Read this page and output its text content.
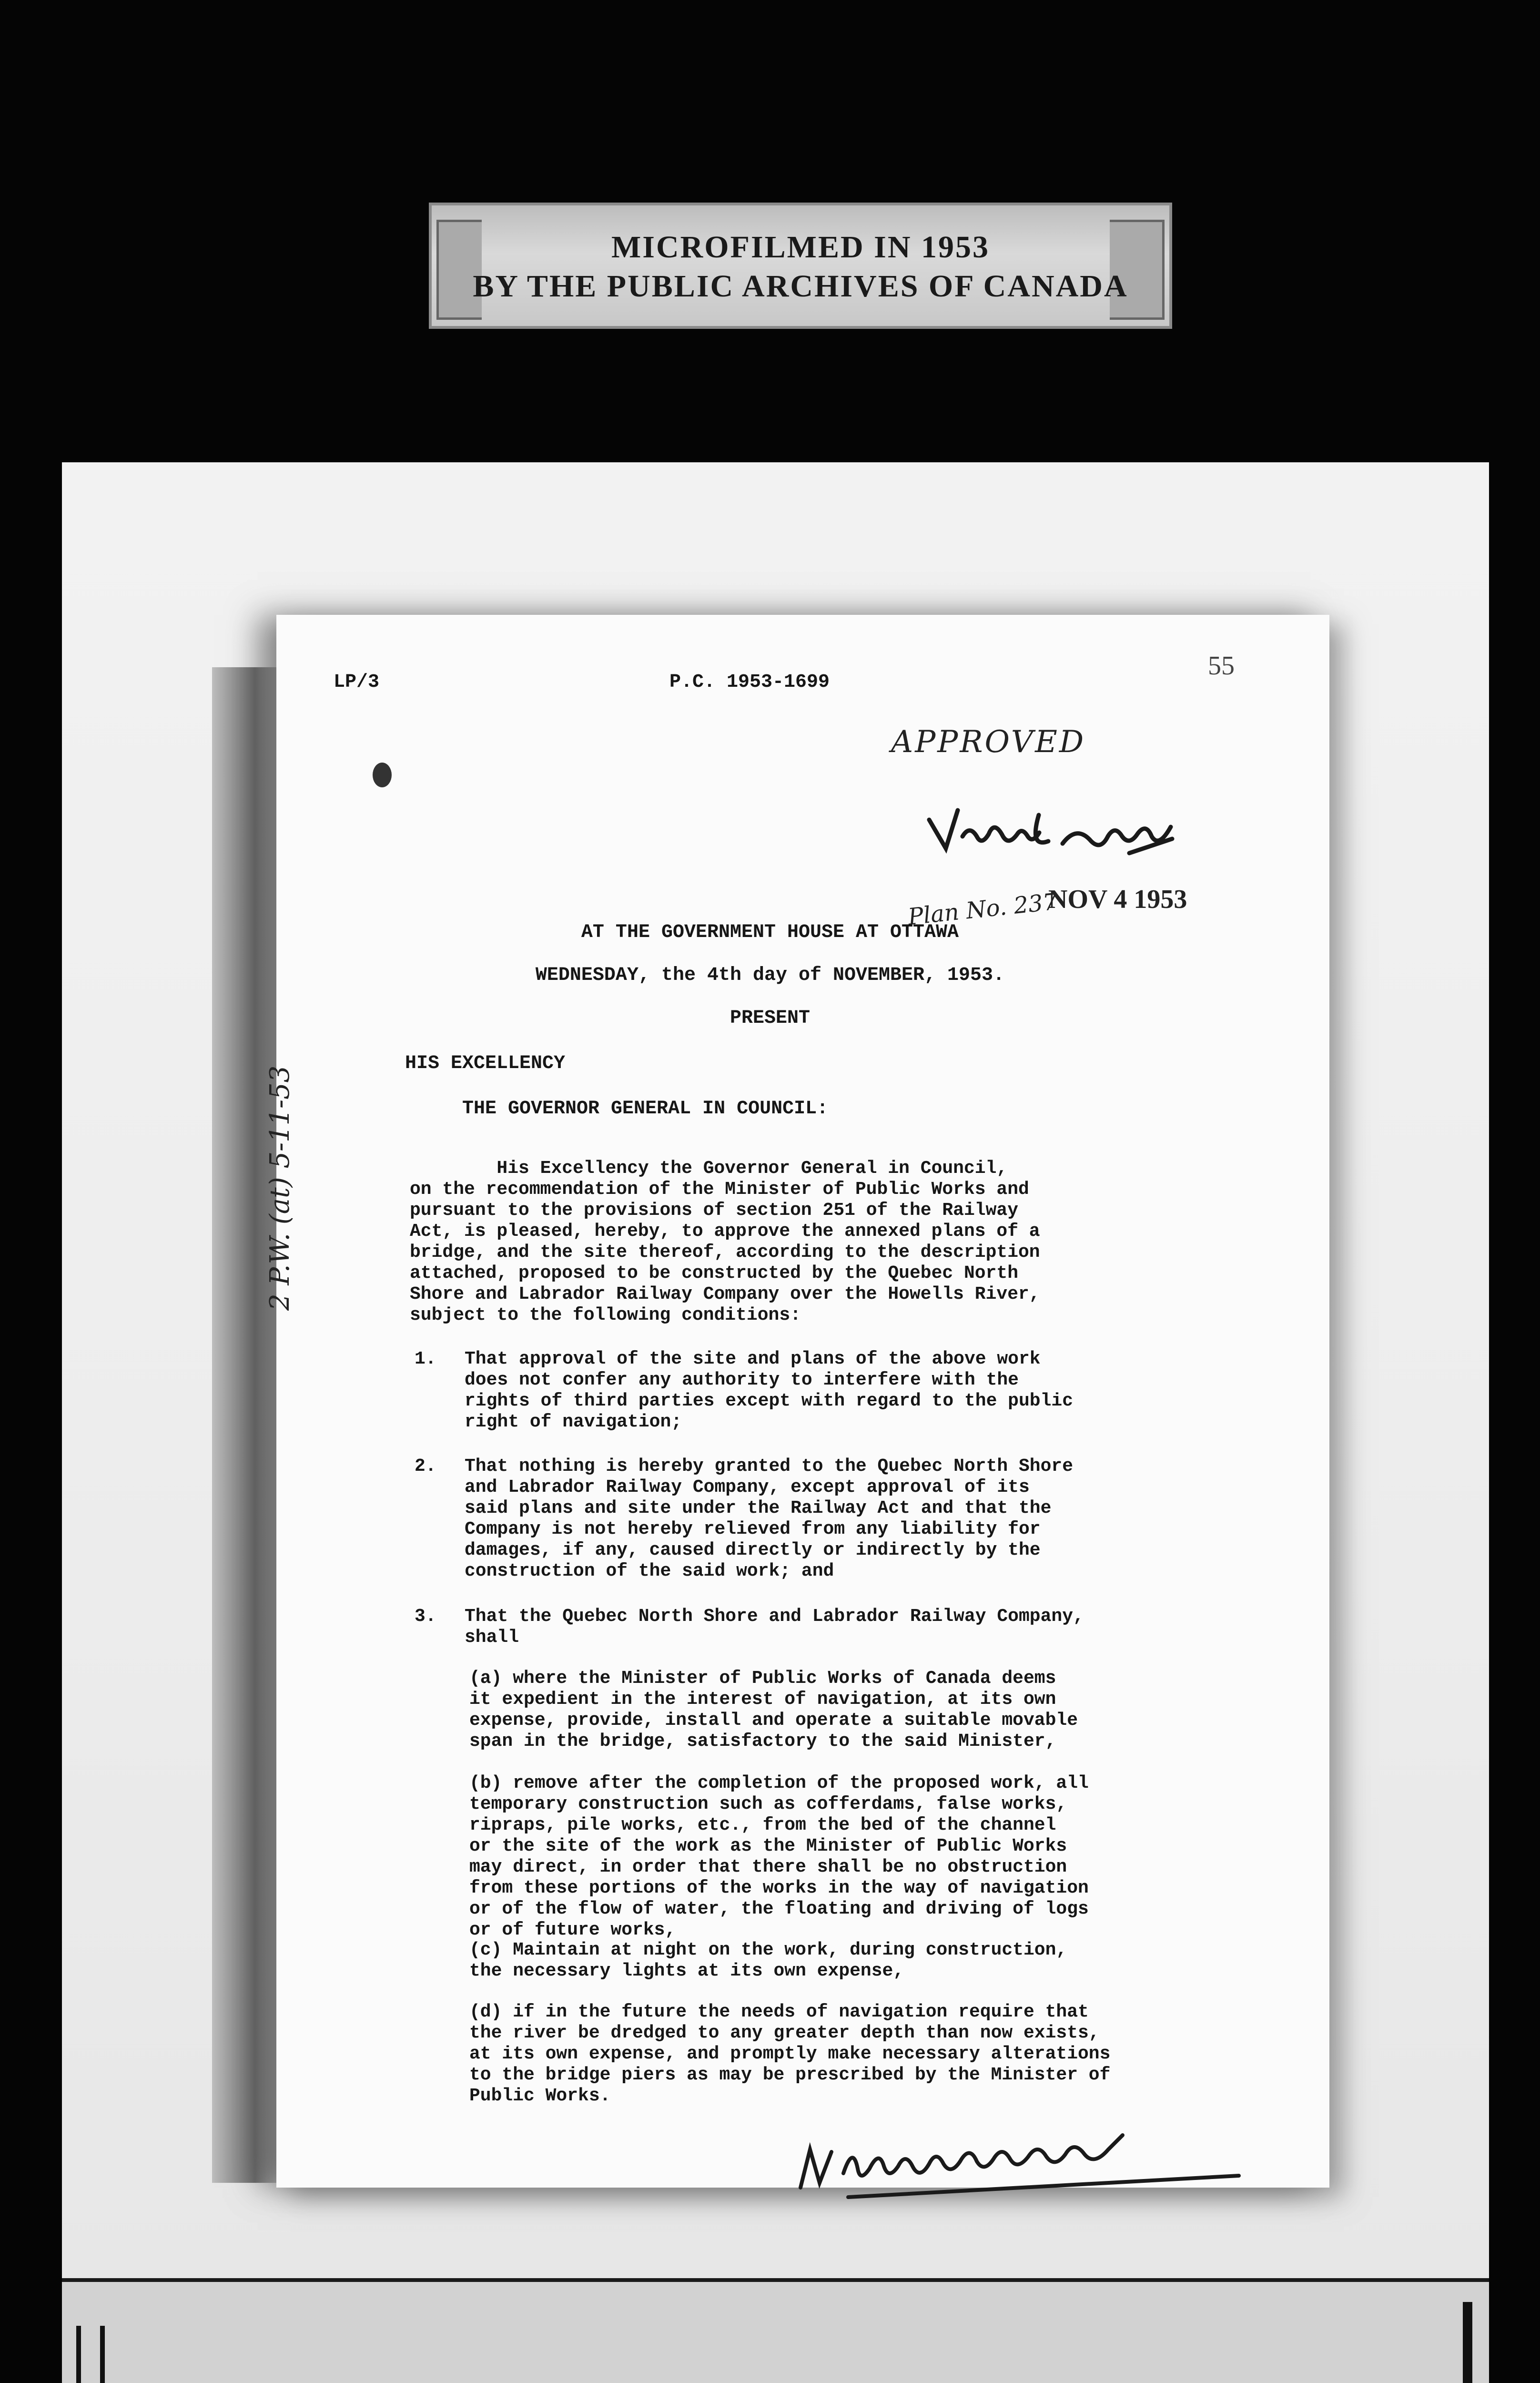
MICROFILMED IN 1953
BY THE PUBLIC ARCHIVES OF CANADA
LP/3	P.C. 1953-1699
55
APPROVED
Plan No. 237
NOV 4 1953
AT THE GOVERNMENT HOUSE AT OTTAWA
WEDNESDAY, the 4th day of NOVEMBER, 1953.
PRESENT
HIS EXCELLENCY
THE GOVERNOR GENERAL IN COUNCIL:
His Excellency the Governor General in Council,
on the recommendation of the Minister of Public Works and
pursuant to the provisions of section 251 of the Railway
Act, is pleased, hereby, to approve the annexed plans of a
bridge, and the site thereof, according to the description
attached, proposed to be constructed by the Quebec North
Shore and Labrador Railway Company over the Howells River,
subject to the following conditions:
1. That approval of the site and plans of the above work
does not confer any authority to interfere with the
rights of third parties except with regard to the public
right of navigation;
2. That nothing is hereby granted to the Quebec North Shore
and Labrador Railway Company, except approval of its
said plans and site under the Railway Act and that the
Company is not hereby relieved from any liability for
damages, if any, caused directly or indirectly by the
construction of the said work; and
3. That the Quebec North Shore and Labrador Railway Company,
shall
(a) where the Minister of Public Works of Canada deems
it expedient in the interest of navigation, at its own
expense, provide, install and operate a suitable movable
span in the bridge, satisfactory to the said Minister,
(b) remove after the completion of the proposed work, all
temporary construction such as cofferdams, false works,
ripraps, pile works, etc., from the bed of the channel
or the site of the work as the Minister of Public Works
may direct, in order that there shall be no obstruction
from these portions of the works in the way of navigation
or of the flow of water, the floating and driving of logs
or of future works,
(c) Maintain at night on the work, during construction,
the necessary lights at its own expense,
(d) if in the future the needs of navigation require that
the river be dredged to any greater depth than now exists,
at its own expense, and promptly make necessary alterations
to the bridge piers as may be prescribed by the Minister of
Public Works.
2 P.W. (at) 5-11-53
